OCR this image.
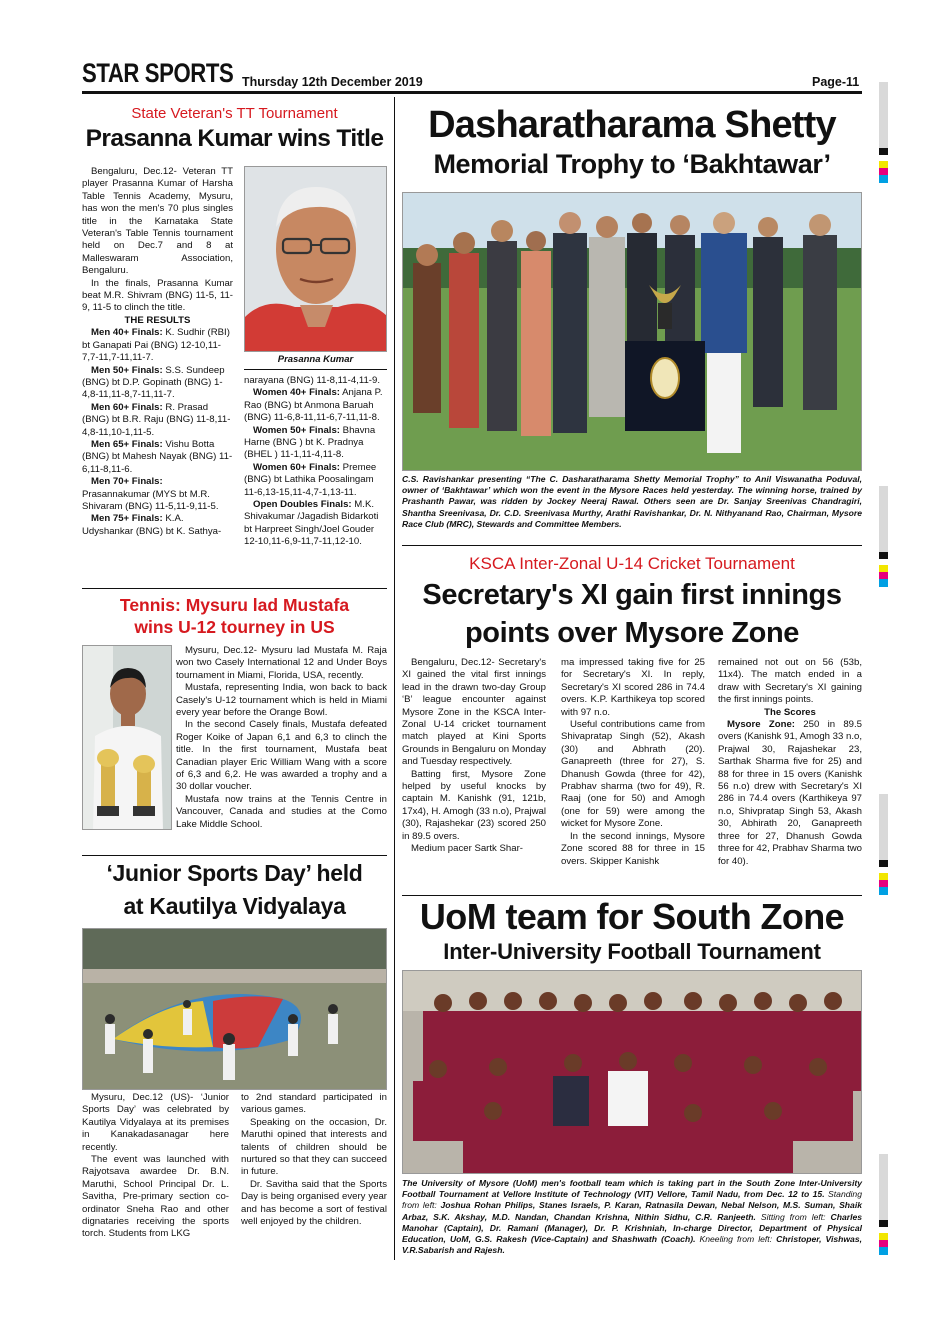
STAR SPORTS Thursday 12th December 2019	Page-11
State Veteran's TT Tournament
Prasanna Kumar wins Title

Bengaluru, Dec.12- Veteran TT player Prasanna Kumar of Harsha Table Tennis Academy, Mysuru, has won the men's 70 plus singles title in the Karnataka State Veteran's Table Tennis tournament held on Dec.7 and 8 at Malleswaram Association, Bengaluru.

In the finals, Prasanna Kumar beat M.R. Shivram (BNG) 11-5, 11-9, 11-5 to clinch the title.

THE RESULTS
Men 40+ Finals: K. Sudhir (RBI) bt Ganapati Pai (BNG) 12-10,11-7,7-11,7-11,11-7.
Men 50+ Finals: S.S. Sundeep (BNG) bt D.P. Gopinath (BNG) 1-4,8-11,11-8,7-11,11-7.
Men 60+ Finals: R. Prasad (BNG) bt B.R. Raju (BNG) 11-8,11-4,8-11,10-1,11-5.
Men 65+ Finals: Vishu Botta (BNG) bt Mahesh Nayak (BNG) 11-6,11-8,11-6.
Men 70+ Finals: Prasannakumar (MYS bt M.R. Shivaram (BNG) 11-5,11-9,11-5.
Men 75+ Finals: K.A. Udyshankar (BNG) bt K. Sathya-
Prasanna Kumar
narayana (BNG) 11-8,11-4,11-9.
Women 40+ Finals: Anjana P. Rao (BNG) bt Anmona Baruah (BNG) 11-6,8-11,11-6,7-11,11-8.
Women 50+ Finals: Bhavna Harne (BNG ) bt K. Pradnya (BHEL ) 11-1,11-4,11-8.
Women 60+ Finals: Premee (BNG) bt Lathika Poosalingam 11-6,13-15,11-4,7-1,13-11.
Open Doubles Finals: M.K. Shivakumar /Jagadish Bidarkoti bt Harpreet Singh/Joel Gouder 12-10,11-6,9-11,7-11,12-10.
Tennis: Mysuru lad Mustafa
wins U-12 tourney in US

Mysuru, Dec.12- Mysuru lad Mustafa M. Raja won two Casely International 12 and Under Boys tournament in Miami, Florida, USA, recently.

Mustafa, representing India, won back to back Casely's U-12 tournament which is held in Miami every year before the Orange Bowl.

In the second Casely finals, Mustafa defeated Roger Koike of Japan 6,1 and 6,3 to clinch the title. In the first tournament, Mustafa beat Canadian player Eric William Wang with a score of 6,3 and 6,2. He was awarded a trophy and a 30 dollar voucher.

Mustafa now trains at the Tennis Centre in Vancouver, Canada and studies at the Como Lake Middle School.

‘Junior Sports Day’ held
at Kautilya Vidyalaya

Mysuru, Dec.12 (US)- ‘Junior Sports Day’ was celebrated by Kautilya Vidyalaya at its premises in Kanakadasanagar here recently.

The event was launched with Rajyotsava awardee Dr. B.N. Maruthi, School Principal Dr. L. Savitha, Pre-primary section co-ordinator Sneha Rao and other dignataries receiving the sports torch. Students from LKG

to 2nd standard participated in various games.

Speaking on the occasion, Dr. Maruthi opined that interests and talents of children should be nurtured so that they can succeed in future.

Dr. Savitha said that the Sports Day is being organised every year and has become a sort of festival well enjoyed by the children.

Dasharatharama Shetty
Memorial Trophy to ‘Bakhtawar’
C.S. Ravishankar presenting “The C. Dasharatharama Shetty Memorial Trophy” to Anil Viswanatha Poduval, owner of ‘Bakhtawar’ which won the event in the Mysore Races held yesterday. The winning horse, trained by Prashanth Pawar, was ridden by Jockey Neeraj Rawal. Others seen are Dr. Sanjay Sreenivas Chandragiri, Shantha Sreenivasa, Dr. C.D. Sreenivasa Murthy, Arathi Ravishankar, Dr. N. Nithyanand Rao, Chairman, Mysore Race Club (MRC), Stewards and Committee Members.
KSCA Inter-Zonal U-14 Cricket Tournament
Secretary's XI gain first innings
points over Mysore Zone

Bengaluru, Dec.12- Secretary's XI gained the vital first innings lead in the drawn two-day Group ‘B’ league encounter against Mysore Zone in the KSCA Inter-Zonal U-14 cricket tournament match played at Kini Sports Grounds in Bengaluru on Monday and Tuesday respectively.

Batting first, Mysore Zone helped by useful knocks by captain M. Kanishk (91, 121b, 17x4), H. Amogh (33 n.o), Prajwal (30), Rajashekar (23) scored 250 in 89.5 overs.

Medium pacer Sartk Shar-

ma impressed taking five for 25 for Secretary's XI. In reply, Secretary's XI scored 286 in 74.4 overs. K.P. Karthikeya top scored with 97 n.o.

Useful contributions came from Shivapratap Singh (52), Akash (30) and Abhrath (20). Ganapreeth (three for 27), S. Dhanush Gowda (three for 42), Prabhav sharma (two for 49), R. Raaj (one for 50) and Amogh (one for 59) were among the wicket for Mysore Zone.

In the second innings, Mysore Zone scored 88 for three in 15 overs. Skipper Kanishk

remained not out on 56 (53b, 11x4). The match ended in a draw with Secretary's XI gaining the first innings points.

The Scores
Mysore Zone: 250 in 89.5 overs (Kanishk 91, Amogh 33 n.o, Prajwal 30, Rajashekar 23, Sarthak Sharma five for 25) and 88 for three in 15 overs (Kanishk 56 n.o) drew with Secretary's XI 286 in 74.4 overs (Karthikeya 97 n.o, Shivpratap Singh 53, Akash 30, Abhirath 20, Ganapreeth three for 27, Dhanush Gowda three for 42, Prabhav Sharma two for 40).
UoM team for South Zone
Inter-University Football Tournament
The University of Mysore (UoM) men's football team which is taking part in the South Zone Inter-University Football Tournament at Vellore Institute of Technology (VIT) Vellore, Tamil Nadu, from Dec. 12 to 15. Standing from left: Joshua Rohan Philips, Stanes Israels, P. Karan, Ratnasila Dewan, Nebal Nelson, M.S. Suman, Shaik Arbaz, S.K. Akshay, M.D. Nandan, Chandan Krishna, Nithin Sidhu, C.R. Ranjeeth. Sitting from left: Charles Manohar (Captain), Dr. Ramani (Manager), Dr. P. Krishniah, In-charge Director, Department of Physical Education, UoM, G.S. Rakesh (Vice-Captain) and Shashwath (Coach). Kneeling from left: Christoper, Vishwas, V.R.Sabarish and Rajesh.
